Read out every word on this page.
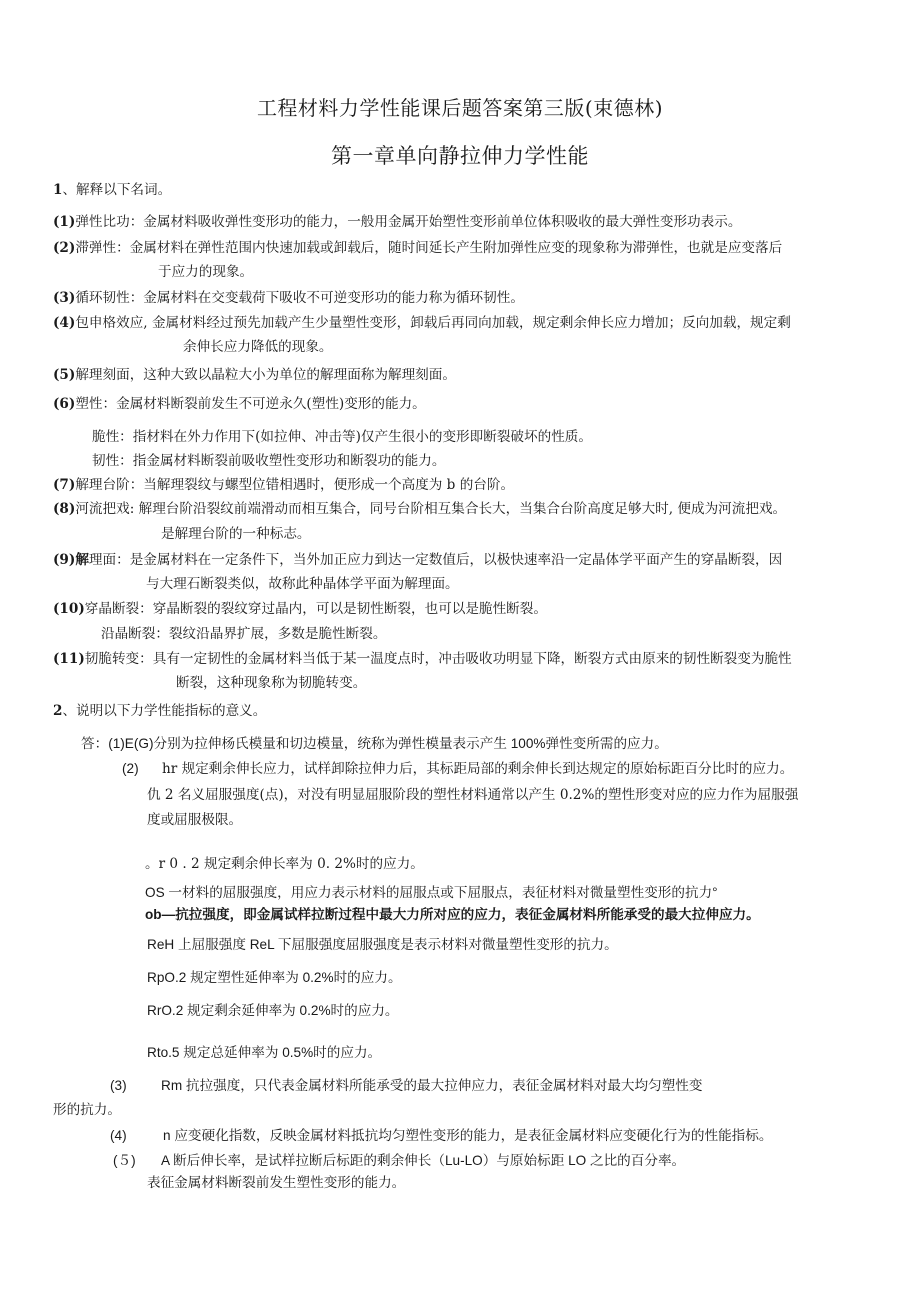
工程材料力学性能课后题答案第三版(束德林)
第一章单向静拉伸力学性能
1、解释以下名词。
(1)弹性比功：金属材料吸收弹性变形功的能力，一般用金属开始塑性变形前单位体积吸收的最大弹性变形功表示。
(2)滞弹性：金属材料在弹性范围内快速加载或卸载后，随时间延长产生附加弹性应变的现象称为滞弹性，也就是应变落后
于应力的现象。
(3)循环韧性：金属材料在交变载荷下吸收不可逆变形功的能力称为循环韧性。
(4)包申格效应, 金属材料经过预先加载产生少量塑性变形，卸载后再同向加载，规定剩余伸长应力增加；反向加载，规定剩
余伸长应力降低的现象。
(5)解理刻面，这种大致以晶粒大小为单位的解理面称为解理刻面。
(6)塑性：金属材料断裂前发生不可逆永久(塑性)变形的能力。
脆性：指材料在外力作用下(如拉伸、冲击等)仅产生很小的变形即断裂破坏的性质。
韧性：指金属材料断裂前吸收塑性变形功和断裂功的能力。
(7)解理台阶：当解理裂纹与螺型位错相遇时，便形成一个高度为 b 的台阶。
(8)河流把戏: 解理台阶沿裂纹前端滑动而相互集合，同号台阶相互集合长大，当集合台阶高度足够大时, 便成为河流把戏。
是解理台阶的一种标志。
(9)解理面：是金属材料在一定条件下，当外加正应力到达一定数值后，以极快速率沿一定晶体学平面产生的穿晶断裂，因
与大理石断裂类似，故称此种晶体学平面为解理面。
(10)穿晶断裂：穿晶断裂的裂纹穿过晶内，可以是韧性断裂，也可以是脆性断裂。
沿晶断裂：裂纹沿晶界扩展，多数是脆性断裂。
(11)韧脆转变：具有一定韧性的金属材料当低于某一温度点时，冲击吸收功明显下降，断裂方式由原来的韧性断裂变为脆性
断裂，这种现象称为韧脆转变。
2、说明以下力学性能指标的意义。
答：(1)E(G)分别为拉伸杨氏模量和切边模量，统称为弹性模量表示产生 100%弹性变所需的应力。
(2) hr 规定剩余伸长应力，试样卸除拉伸力后，其标距局部的剩余伸长到达规定的原始标距百分比时的应力。
仇 2 名义屈服强度(点)，对没有明显屈服阶段的塑性材料通常以产生 0.2%的塑性形变对应的应力作为屈服强
度或屈服极限。
。r 0 . 2 规定剩余伸长率为 0. 2%时的应力。
OS 一材料的屈服强度，用应力表示材料的屈服点或下屈服点，表征材料对微量塑性变形的抗力°
ob—抗拉强度，即金属试样拉断过程中最大力所对应的应力，表征金属材料所能承受的最大拉伸应力。
ReH 上屈服强度 ReL 下屈服强度屈服强度是表示材料对微量塑性变形的抗力。
RpO.2 规定塑性延伸率为 0.2%时的应力。
RrO.2 规定剩余延伸率为 0.2%时的应力。
Rto.5 规定总延伸率为 0.5%时的应力。
(3)	Rm 抗拉强度，只代表金属材料所能承受的最大拉伸应力，表征金属材料对最大均匀塑性变
形的抗力。
(4)	n 应变硬化指数，反映金属材料抵抗均匀塑性变形的能力，是表征金属材料应变硬化行为的性能指标。
(５) A 断后伸长率，是试样拉断后标距的剩余伸长（Lu-LO）与原始标距 LO 之比的百分率。
表征金属材料断裂前发生塑性变形的能力。
